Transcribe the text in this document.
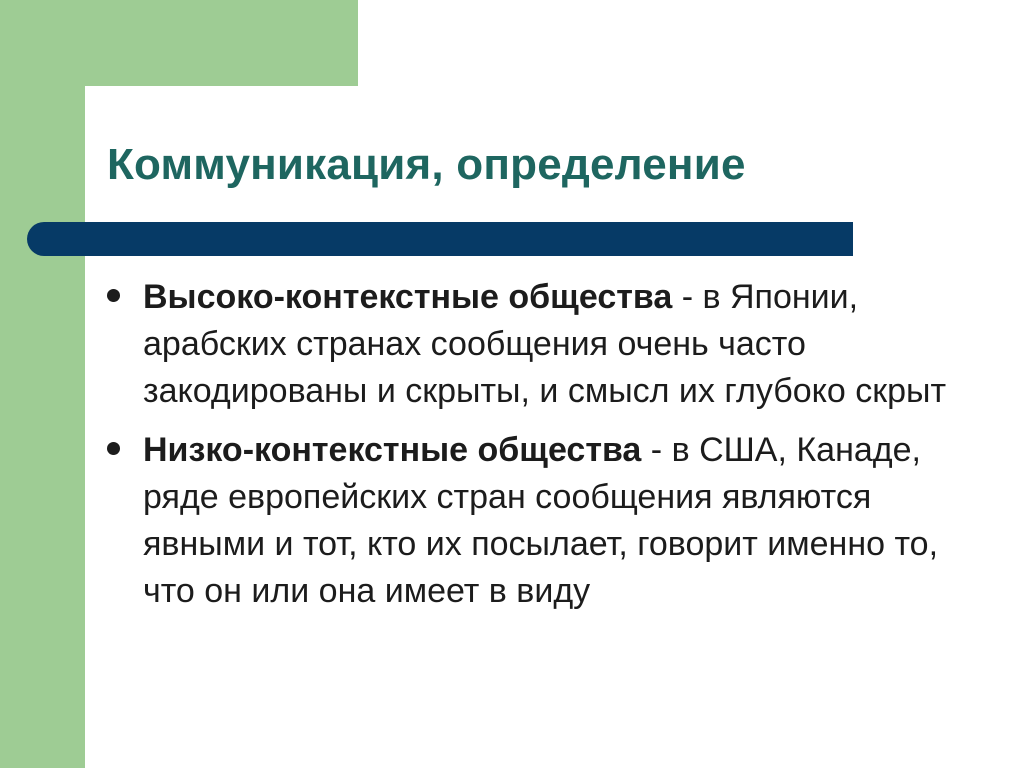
Коммуникация, определение
Высоко-контекстные общества - в Японии, арабских странах сообщения очень часто закодированы и скрыты, и смысл их глубоко скрыт
Низко-контекстные общества - в США, Канаде, ряде европейских стран сообщения являются явными и тот, кто их посылает, говорит именно то, что он или она имеет в виду
